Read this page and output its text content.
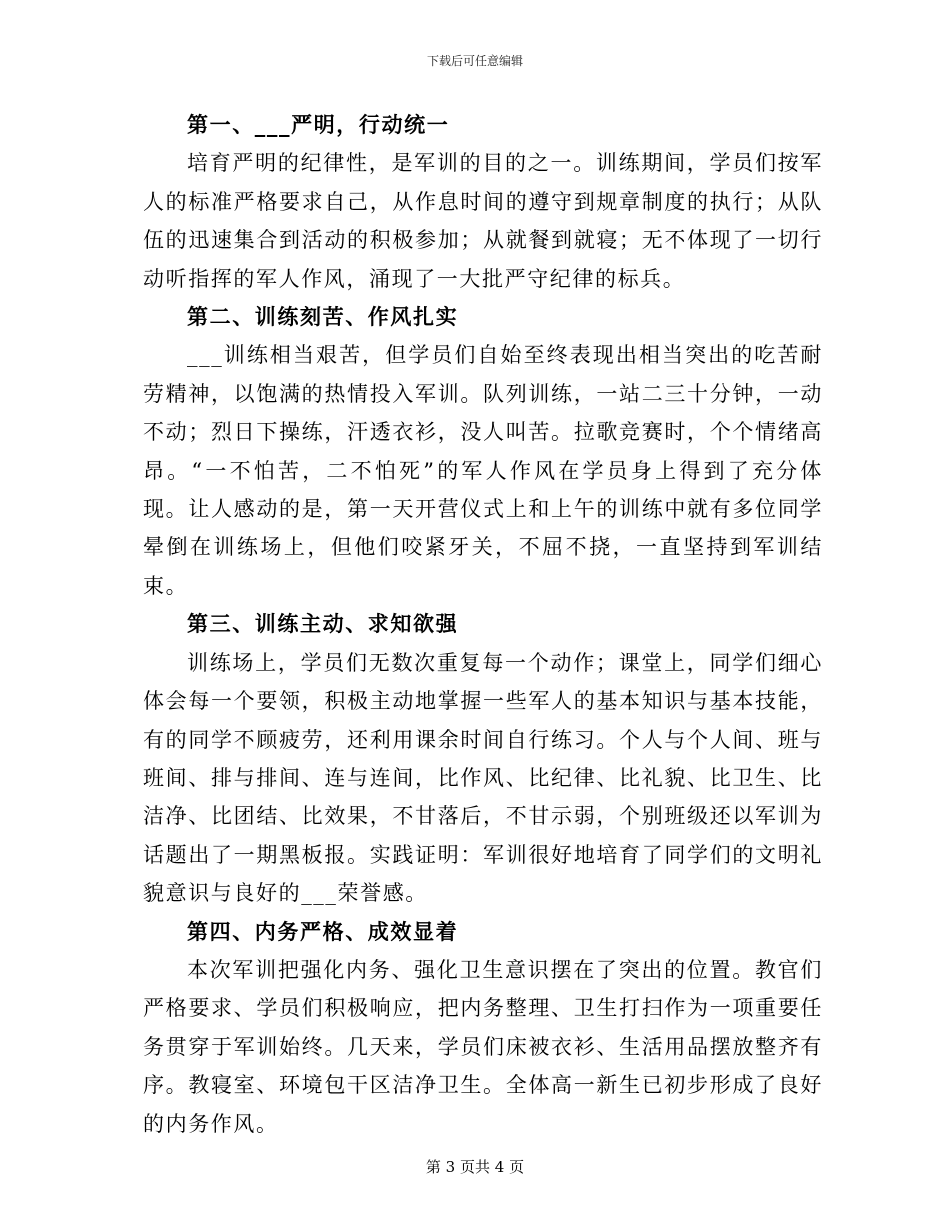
下载后可任意编辑

第一、___严明，行动统一

培育严明的纪律性，是军训的目的之一。训练期间，学员们按军人的标准严格要求自己，从作息时间的遵守到规章制度的执行；从队伍的迅速集合到活动的积极参加；从就餐到就寝；无不体现了一切行动听指挥的军人作风，涌现了一大批严守纪律的标兵。

第二、训练刻苦、作风扎实

___训练相当艰苦，但学员们自始至终表现出相当突出的吃苦耐劳精神，以饱满的热情投入军训。队列训练，一站二三十分钟，一动不动；烈日下操练，汗透衣衫，没人叫苦。拉歌竞赛时，个个情绪高昂。“一不怕苦，二不怕死”的军人作风在学员身上得到了充分体现。让人感动的是，第一天开营仪式上和上午的训练中就有多位同学晕倒在训练场上，但他们咬紧牙关，不屈不挠，一直坚持到军训结束。

第三、训练主动、求知欲强

训练场上，学员们无数次重复每一个动作；课堂上，同学们细心体会每一个要领，积极主动地掌握一些军人的基本知识与基本技能，有的同学不顾疲劳，还利用课余时间自行练习。个人与个人间、班与班间、排与排间、连与连间，比作风、比纪律、比礼貌、比卫生、比洁净、比团结、比效果，不甘落后，不甘示弱，个别班级还以军训为话题出了一期黑板报。实践证明：军训很好地培育了同学们的文明礼貌意识与良好的___荣誉感。

第四、内务严格、成效显着

本次军训把强化内务、强化卫生意识摆在了突出的位置。教官们严格要求、学员们积极响应，把内务整理、卫生打扫作为一项重要任务贯穿于军训始终。几天来，学员们床被衣衫、生活用品摆放整齐有序。教寝室、环境包干区洁净卫生。全体高一新生已初步形成了良好的内务作风。

第 3 页共 4 页
